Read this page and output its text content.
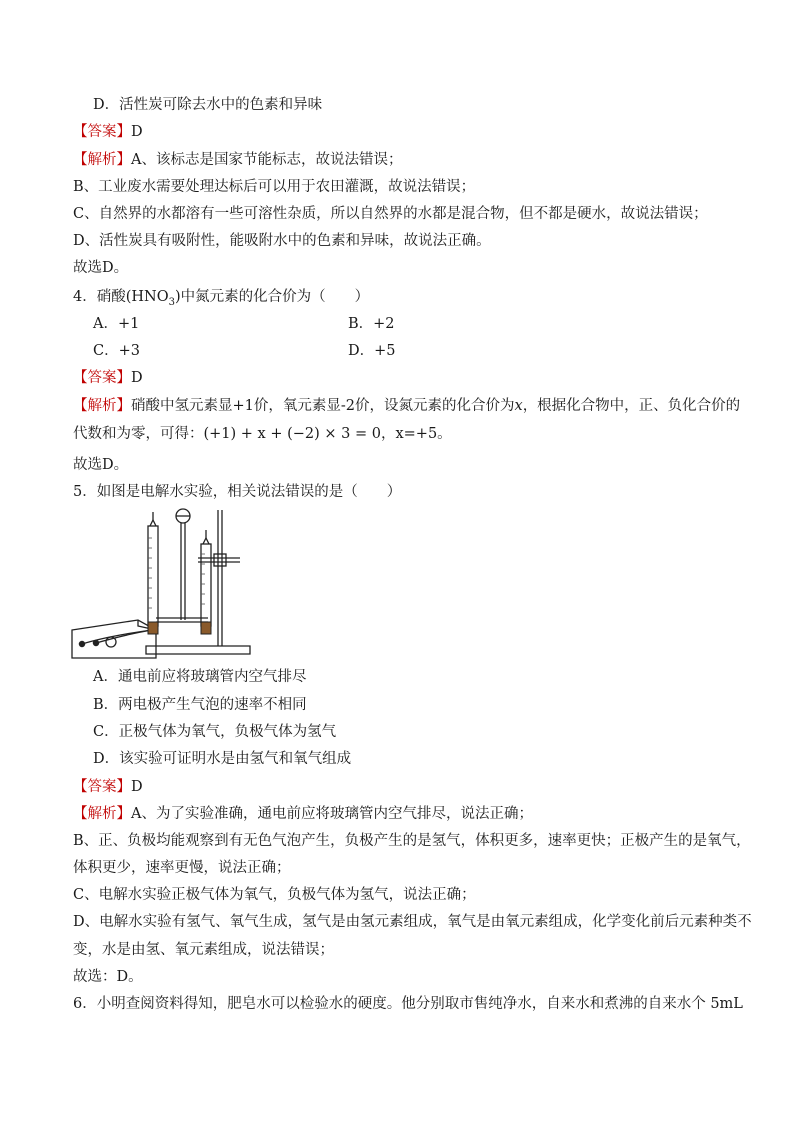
D．活性炭可除去水中的色素和异味
【答案】D
【解析】A、该标志是国家节能标志，故说法错误；
B、工业废水需要处理达标后可以用于农田灌溉，故说法错误；
C、自然界的水都溶有一些可溶性杂质，所以自然界的水都是混合物，但不都是硬水，故说法错误；
D、活性炭具有吸附性，能吸附水中的色素和异味，故说法正确。
故选D。
4．硝酸$(HNO_3)$中氮元素的化合价为（　　）
A．+1	B．+2
C．+3	D．+5
【答案】D
【解析】硝酸中氢元素显+1价，氧元素显-2价，设氮元素的化合价为x，根据化合物中，正、负化合价的
代数和为零，可得：(+1) + x + (−2) × 3 = 0，x=+5。
故选D。
5．如图是电解水实验，相关说法错误的是（　　）
A．通电前应将玻璃管内空气排尽
B．两电极产生气泡的速率不相同
C．正极气体为氧气，负极气体为氢气
D．该实验可证明水是由氢气和氧气组成
【答案】D
【解析】A、为了实验准确，通电前应将玻璃管内空气排尽，说法正确；
B、正、负极均能观察到有无色气泡产生，负极产生的是氢气，体积更多，速率更快；正极产生的是氧气，
体积更少，速率更慢，说法正确；
C、电解水实验正极气体为氧气，负极气体为氢气，说法正确；
D、电解水实验有氢气、氧气生成，氢气是由氢元素组成，氧气是由氧元素组成，化学变化前后元素种类不
变，水是由氢、氧元素组成，说法错误；
故选：D。
6．小明查阅资料得知，肥皂水可以检验水的硬度。他分别取市售纯净水，自来水和煮沸的自来水个 5mL
